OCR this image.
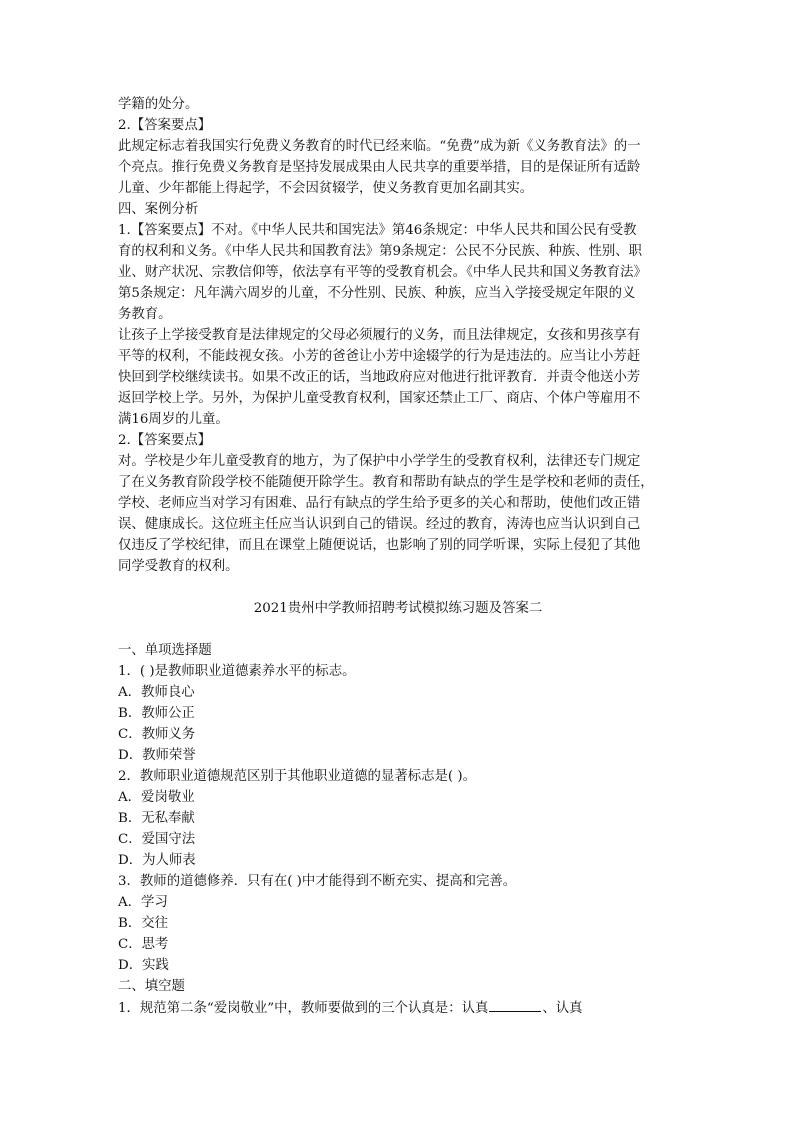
学籍的处分。
2.【答案要点】
此规定标志着我国实行免费义务教育的时代已经来临。“免费”成为新《义务教育法》的一
个亮点。推行免费义务教育是坚持发展成果由人民共享的重要举措，目的是保证所有适龄
儿童、少年都能上得起学，不会因贫辍学，使义务教育更加名副其实。
四、案例分析
1.【答案要点】不对。《中华人民共和国宪法》第46条规定：中华人民共和国公民有受教
育的权利和义务。《中华人民共和国教育法》第9条规定：公民不分民族、种族、性别、职
业、财产状况、宗教信仰等，依法享有平等的受教育机会。《中华人民共和国义务教育法》
第5条规定：凡年满六周岁的儿童，不分性别、民族、种族，应当入学接受规定年限的义
务教育。
让孩子上学接受教育是法律规定的父母必须履行的义务，而且法律规定，女孩和男孩享有
平等的权利，不能歧视女孩。小芳的爸爸让小芳中途辍学的行为是违法的。应当让小芳赶
快回到学校继续读书。如果不改正的话，当地政府应对他进行批评教育．并责令他送小芳
返回学校上学。另外，为保护儿童受教育权利，国家还禁止工厂、商店、个体户等雇用不
满16周岁的儿童。
2.【答案要点】
对。学校是少年儿童受教育的地方，为了保护中小学学生的受教育权利，法律还专门规定
了在义务教育阶段学校不能随便开除学生。教育和帮助有缺点的学生是学校和老师的责任，
学校、老师应当对学习有困难、品行有缺点的学生给予更多的关心和帮助，使他们改正错
误、健康成长。这位班主任应当认识到自己的错误。经过的教育，涛涛也应当认识到自己
仅违反了学校纪律，而且在课堂上随便说话，也影响了别的同学听课，实际上侵犯了其他
同学受教育的权利。
2021贵州中学教师招聘考试模拟练习题及答案二
一、单项选择题
1．( )是教师职业道德素养水平的标志。
A．教师良心
B．教师公正
C．教师义务
D．教师荣誉
2．教师职业道德规范区别于其他职业道德的显著标志是( )。
A．爱岗敬业
B．无私奉献
C．爱国守法
D．为人师表
3．教师的道德修养．只有在( )中才能得到不断充实、提高和完善。
A．学习
B．交往
C．思考
D．实践
二、填空题
1．规范第二条“爱岗敬业”中，教师要做到的三个认真是：认真	、认真
